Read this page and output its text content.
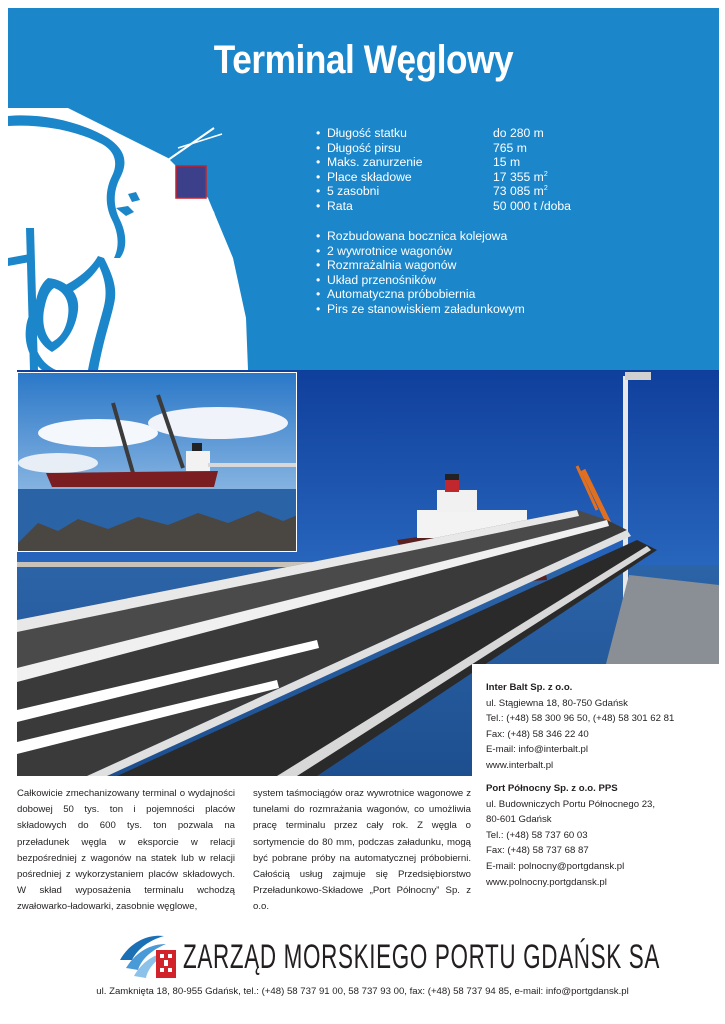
Terminal Węglowy
• Długość statku	do 280 m
• Długość pirsu	765 m
• Maks. zanurzenie	15 m
• Place składowe	17 355 $m^2$
• 5 zasobni	73 085 $m^2$
• Rata	50 000 t /doba
• Rozbudowana bocznica kolejowa
• 2 wywrotnice wagonów
• Rozmrażalnia wagonów
• Układ przenośników
• Automatyczna próbobiernia
• Pirs ze stanowiskiem załadunkowym
Inter Balt Sp. z o.o.
ul. Stągiewna 18, 80-750 Gdańsk
Tel.: (+48) 58 300 96 50, (+48) 58 301 62 81
Fax: (+48) 58 346 22 40
E-mail: info@interbalt.pl
www.interbalt.pl
Port Północny Sp. z o.o. PPS
ul. Budowniczych Portu Północnego 23,
80-601 Gdańsk
Tel.: (+48) 58 737 60 03
Fax: (+48) 58 737 68 87
E-mail: polnocny@portgdansk.pl
www.polnocny.portgdansk.pl
Całkowicie zmechanizowany terminal o wydajności dobowej 50 tys. ton i pojemności placów składowych do 600 tys. ton pozwala na przeładunek węgla w eksporcie w relacji bezpośredniej z wagonów na statek lub w relacji pośredniej z wykorzystaniem placów składowych. W skład wyposażenia terminalu wchodzą zwałowarko-ładowarki, zasobnie węglowe,
system taśmociągów oraz wywrotnice wagonowe z tunelami do rozmrażania wagonów, co umożliwia pracę terminalu przez cały rok. Z węgla o sortymencie do 80 mm, podczas załadunku, mogą być pobrane próby na automatycznej próbobierni. Całością usług zajmuje się Przedsiębiorstwo Przeładunkowo-Składowe „Port Północny” Sp. z o.o.
ZARZĄD MORSKIEGO PORTU GDAŃSK SA
ul. Zamknięta 18, 80-955 Gdańsk, tel.: (+48) 58 737 91 00, 58 737 93 00, fax: (+48) 58 737 94 85, e-mail: info@portgdansk.pl
